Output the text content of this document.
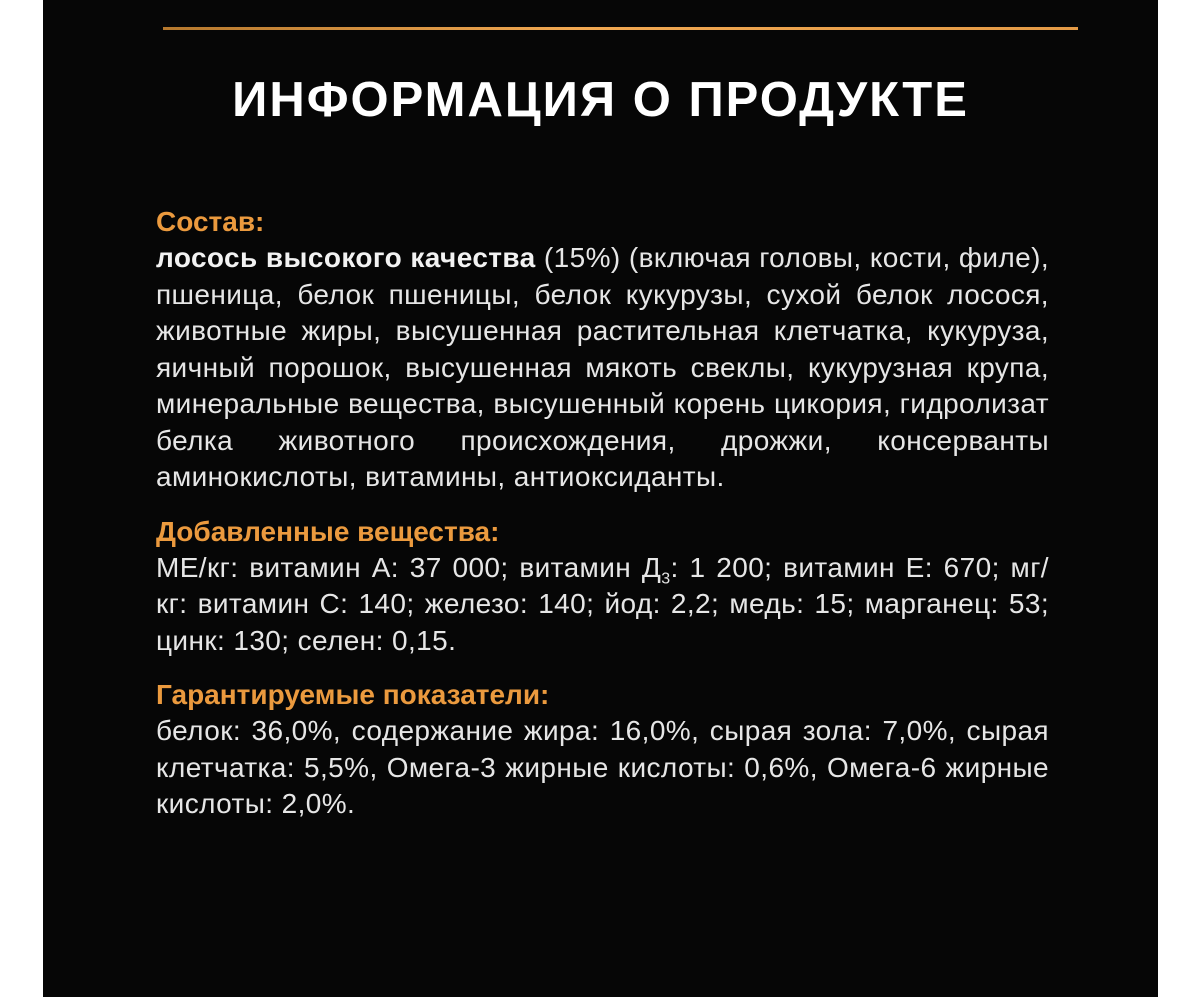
ИНФОРМАЦИЯ О ПРОДУКТЕ
Состав:

лосось высокого качества (15%) (включая головы, кости, филе), пшеница, белок пшеницы, белок кукурузы, сухой белок лосося, животные жиры, высушенная растительная клетчатка, кукуруза, яичный порошок, высушенная мякоть свеклы, кукурузная крупа, минеральные вещества, высушенный корень цикория, гидролизат белка животного происхождения, дрожжи, консерванты аминокислоты, витамины, антиоксиданты.

Добавленные вещества:

МЕ/кг: витамин А: 37 000; витамин $Д_3$: 1 200; витамин Е: 670; мг/кг: витамин С: 140; железо: 140; йод: 2,2; медь: 15; марганец: 53; цинк: 130; селен: 0,15.

Гарантируемые показатели:

белок: 36,0%, содержание жира: 16,0%, сырая зола: 7,0%, сырая клетчатка: 5,5%, Омега-3 жирные кислоты: 0,6%, Омега-6 жирные кислоты: 2,0%.
